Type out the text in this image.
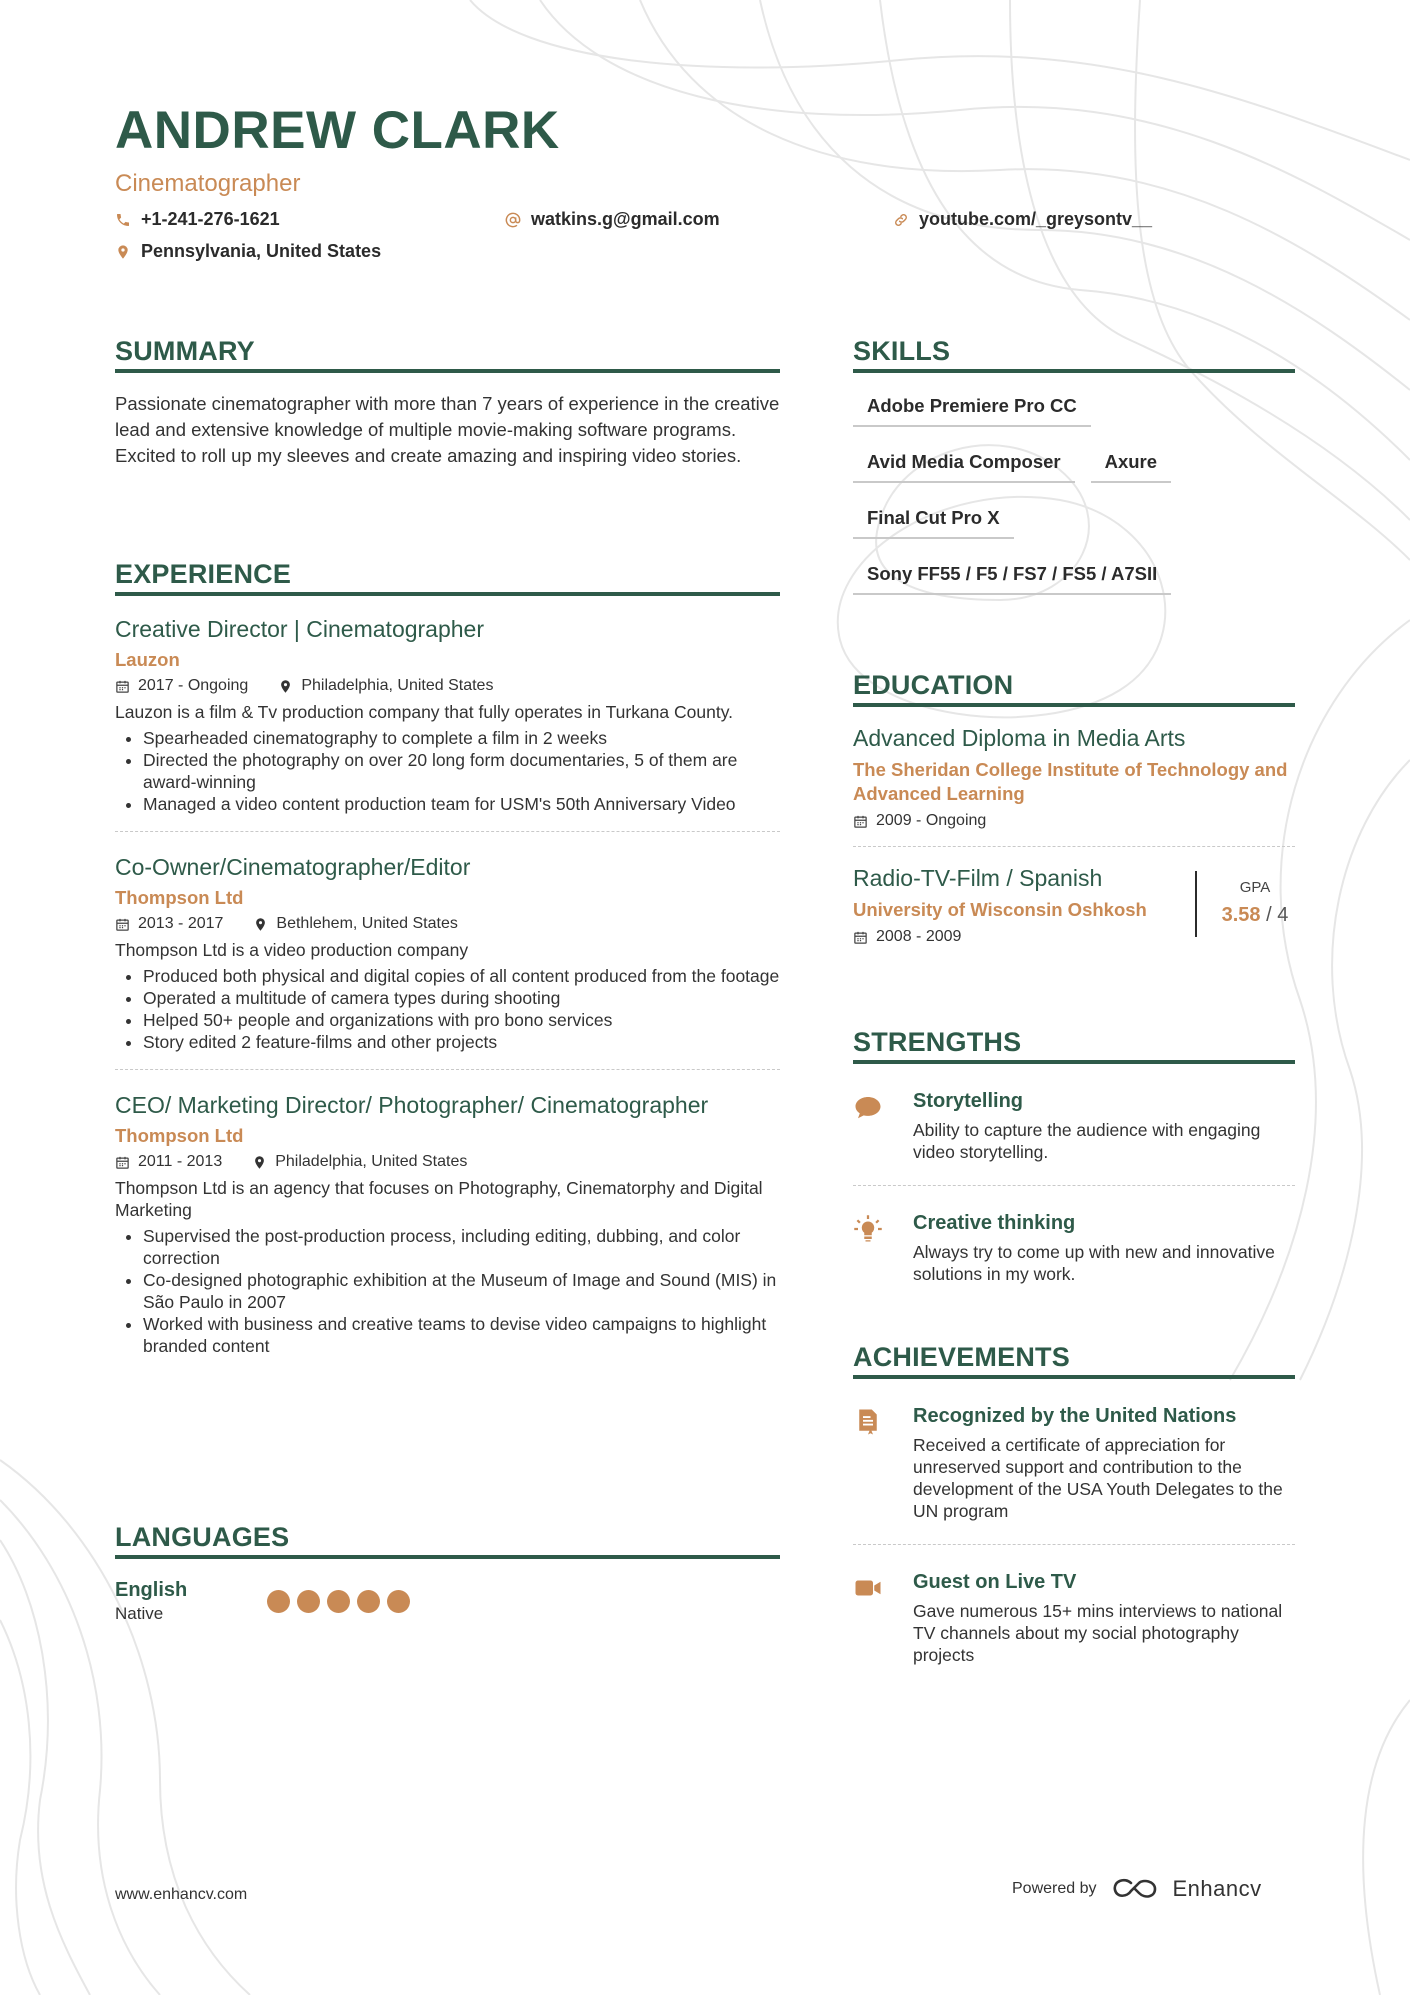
ANDREW CLARK
Cinematographer
+1-241-276-1621	watkins.g@gmail.com	youtube.com/_greysontv__
Pennsylvania, United States
SUMMARY
Passionate cinematographer with more than 7 years of experience in the creative lead and extensive knowledge of multiple movie-making software programs. Excited to roll up my sleeves and create amazing and inspiring video stories.
EXPERIENCE
Creative Director | Cinematographer
Lauzon
2017 - Ongoing	Philadelphia, United States
Lauzon is a film & Tv production company that fully operates in Turkana County.
• Spearheaded cinematography to complete a film in 2 weeks
• Directed the photography on over 20 long form documentaries, 5 of them are award-winning
• Managed a video content production team for USM's 50th Anniversary Video
Co-Owner/Cinematographer/Editor
Thompson Ltd
2013 - 2017	Bethlehem, United States
Thompson Ltd is a video production company
• Produced both physical and digital copies of all content produced from the footage
• Operated a multitude of camera types during shooting
• Helped 50+ people and organizations with pro bono services
• Story edited 2 feature-films and other projects
CEO/ Marketing Director/ Photographer/ Cinematographer
Thompson Ltd
2011 - 2013	Philadelphia, United States
Thompson Ltd is an agency that focuses on Photography, Cinematorphy and Digital Marketing
• Supervised the post-production process, including editing, dubbing, and color correction
• Co-designed photographic exhibition at the Museum of Image and Sound (MIS) in São Paulo in 2007
• Worked with business and creative teams to devise video campaigns to highlight branded content
LANGUAGES
English
Native
SKILLS
Adobe Premiere Pro CC
Avid Media Composer	Axure
Final Cut Pro X
Sony FF55 / F5 / FS7 / FS5 / A7SII
EDUCATION
Advanced Diploma in Media Arts
The Sheridan College Institute of Technology and Advanced Learning
2009 - Ongoing
Radio-TV-Film / Spanish
University of Wisconsin Oshkosh
2008 - 2009
GPA
3.58 / 4
STRENGTHS
Storytelling
Ability to capture the audience with engaging video storytelling.
Creative thinking
Always try to come up with new and innovative solutions in my work.
ACHIEVEMENTS
Recognized by the United Nations
Received a certificate of appreciation for unreserved support and contribution to the development of the USA Youth Delegates to the UN program
Guest on Live TV
Gave numerous 15+ mins interviews to national TV channels about my social photography projects
www.enhancv.com	Powered by	Enhancv
